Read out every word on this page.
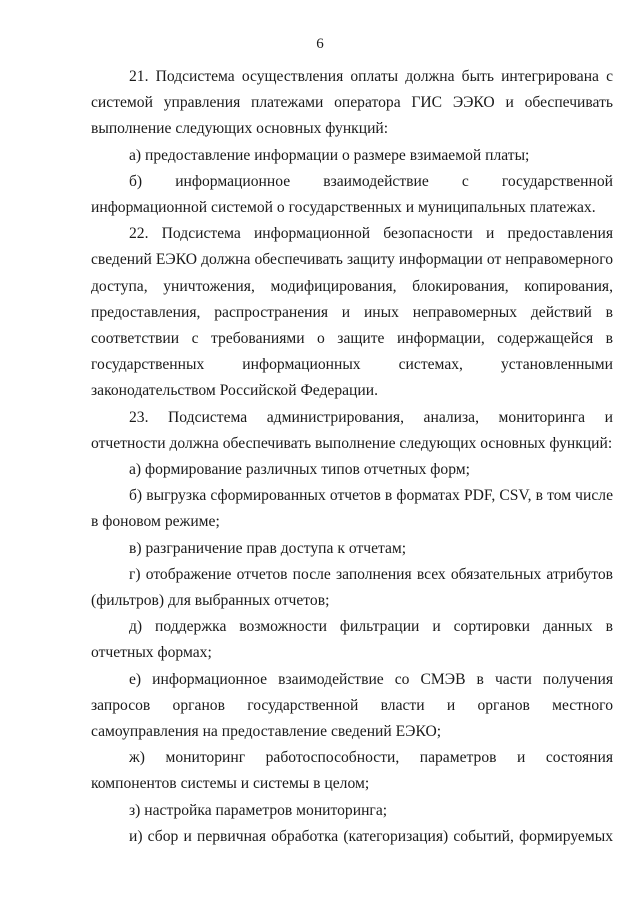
6

21. Подсистема осуществления оплаты должна быть интегрирована с системой управления платежами оператора ГИС ЭЭКО и обеспечивать выполнение следующих основных функций:

а) предоставление информации о размере взимаемой платы;

б) информационное взаимодействие с государственной информационной системой о государственных и муниципальных платежах.

22. Подсистема информационной безопасности и предоставления сведений ЕЭКО должна обеспечивать защиту информации от неправомерного доступа, уничтожения, модифицирования, блокирования, копирования, предоставления, распространения и иных неправомерных действий в соответствии с требованиями о защите информации, содержащейся в государственных информационных системах, установленными законодательством Российской Федерации.

23. Подсистема администрирования, анализа, мониторинга и отчетности должна обеспечивать выполнение следующих основных функций:

а) формирование различных типов отчетных форм;

б) выгрузка сформированных отчетов в форматах PDF, CSV, в том числе в фоновом режиме;

в) разграничение прав доступа к отчетам;

г) отображение отчетов после заполнения всех обязательных атрибутов (фильтров) для выбранных отчетов;

д) поддержка возможности фильтрации и сортировки данных в отчетных формах;

е) информационное взаимодействие со СМЭВ в части получения запросов органов государственной власти и органов местного самоуправления на предоставление сведений ЕЭКО;

ж) мониторинг работоспособности, параметров и состояния компонентов системы и системы в целом;

з) настройка параметров мониторинга;

и) сбор и первичная обработка (категоризация) событий, формируемых
